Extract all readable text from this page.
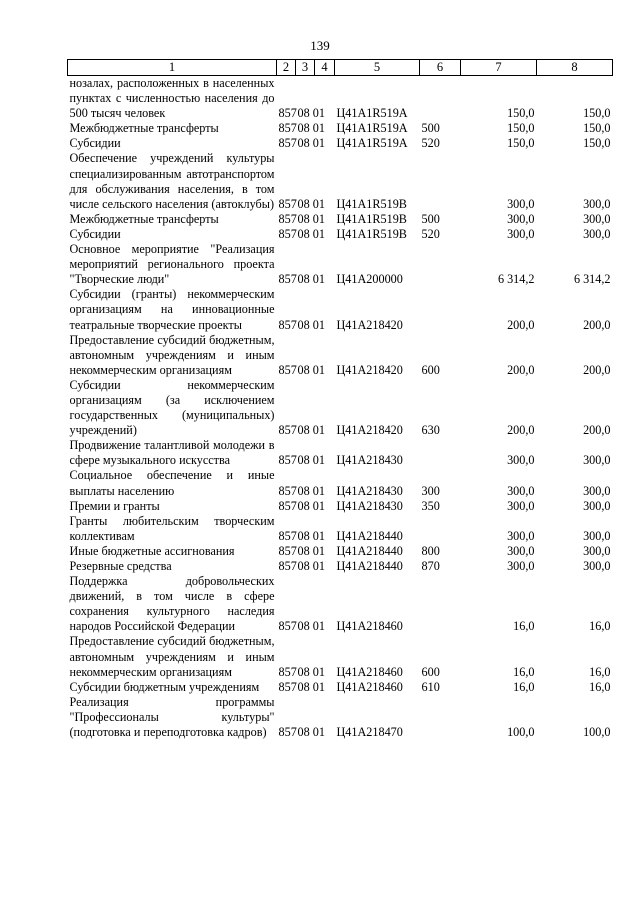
139
1	2	3	4	5	6	7	8
нозалах, расположенных в населенных пунктах с численностью населения до 500 тысяч человек	857	08 01		Ц41А1R519А		150,0	150,0
Межбюджетные трансферты	857	08 01		Ц41А1R519А	500	150,0	150,0
Субсидии	857	08 01		Ц41А1R519А	520	150,0	150,0
Обеспечение учреждений культуры специализированным автотранспортом для обслуживания населения, в том числе сельского населения (автоклубы)	857	08 01		Ц41А1R519В		300,0	300,0
Межбюджетные трансферты	857	08 01		Ц41А1R519В	500	300,0	300,0
Субсидии	857	08 01		Ц41А1R519В	520	300,0	300,0
Основное мероприятие "Реализация мероприятий регионального проекта "Творческие люди"	857	08 01		Ц41А200000		6 314,2	6 314,2
Субсидии (гранты) некоммерческим организациям на инновационные театральные творческие проекты	857	08 01		Ц41А218420		200,0	200,0
Предоставление субсидий бюджетным, автономным учреждениям и иным некоммерческим организациям	857	08 01		Ц41А218420	600	200,0	200,0
Субсидии некоммерческим организациям (за исключением государственных (муниципальных) учреждений)	857	08 01		Ц41А218420	630	200,0	200,0
Продвижение талантливой молодежи в сфере музыкального искусства	857	08 01		Ц41А218430		300,0	300,0
Социальное обеспечение и иные выплаты населению	857	08 01		Ц41А218430	300	300,0	300,0
Премии и гранты	857	08 01		Ц41А218430	350	300,0	300,0
Гранты любительским творческим коллективам	857	08 01		Ц41А218440		300,0	300,0
Иные бюджетные ассигнования	857	08 01		Ц41А218440	800	300,0	300,0
Резервные средства	857	08 01		Ц41А218440	870	300,0	300,0
Поддержка добровольческих движений, в том числе в сфере сохранения культурного наследия народов Российской Федерации	857	08 01		Ц41А218460		16,0	16,0
Предоставление субсидий бюджетным, автономным учреждениям и иным некоммерческим организациям	857	08 01		Ц41А218460	600	16,0	16,0
Субсидии бюджетным учреждениям	857	08 01		Ц41А218460	610	16,0	16,0
Реализация программы "Профессионалы культуры" (подготовка и переподготовка кадров)	857	08 01		Ц41А218470		100,0	100,0
